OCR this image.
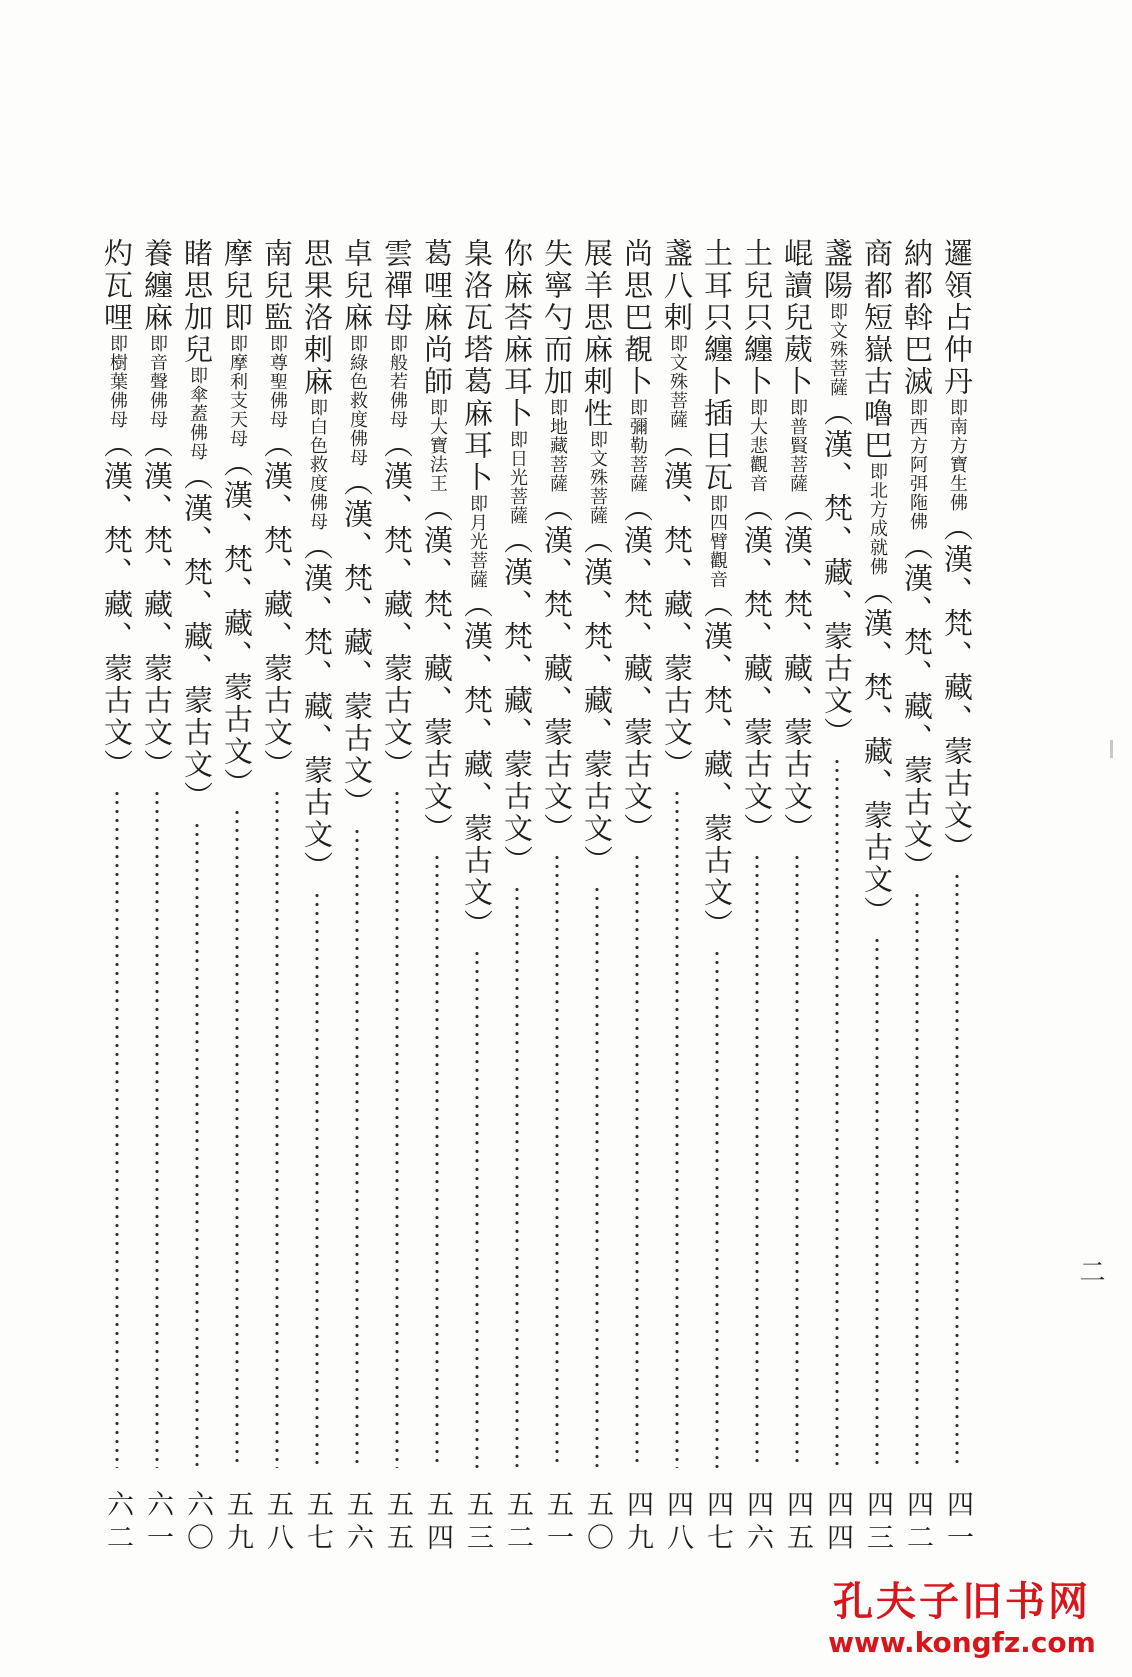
邏領占仲丹即南方寶生佛（漢、梵、藏、蒙古文）
四一
納都斡巴滅即西方阿弭陁佛（漢、梵、藏、蒙古文）
四二
商都短嶽古嚕巴即北方成就佛（漢、梵、藏、蒙古文）
四三
盞陽即文殊菩薩（漢、梵、藏、蒙古文）
四四
崐讀兒葳卜即普賢菩薩（漢、梵、藏、蒙古文）
四五
土兒只纏卜即大悲觀音（漢、梵、藏、蒙古文）
四六
土耳只纏卜插日瓦即四臂觀音（漢、梵、藏、蒙古文）
四七
盞八剌即文殊菩薩（漢、梵、藏、蒙古文）
四八
尚思巴覩卜即彌勒菩薩（漢、梵、藏、蒙古文）
四九
展羊思麻剌性即文殊菩薩（漢、梵、藏、蒙古文）
五〇
失寧勺而加即地藏菩薩（漢、梵、藏、蒙古文）
五一
你麻荅麻耳卜即日光菩薩（漢、梵、藏、蒙古文）
五二
臬洛瓦塔葛麻耳卜即月光菩薩（漢、梵、藏、蒙古文）
五三
葛哩麻尚師即大寶法王（漢、梵、藏、蒙古文）
五四
雲禪母即般若佛母（漢、梵、藏、蒙古文）
五五
卓兒麻即綠色救度佛母（漢、梵、藏、蒙古文）
五六
思果洛剌麻即白色救度佛母（漢、梵、藏、蒙古文）
五七
南兒監即尊聖佛母（漢、梵、藏、蒙古文）
五八
摩兒即即摩利支天母（漢、梵、藏、蒙古文）
五九
睹思加兒即傘蓋佛母（漢、梵、藏、蒙古文）
六〇
養纏麻即音聲佛母（漢、梵、藏、蒙古文）
六一
灼瓦哩即樹葉佛母（漢、梵、藏、蒙古文）
六二
二
孔夫子旧书网
www.kongfz.com
